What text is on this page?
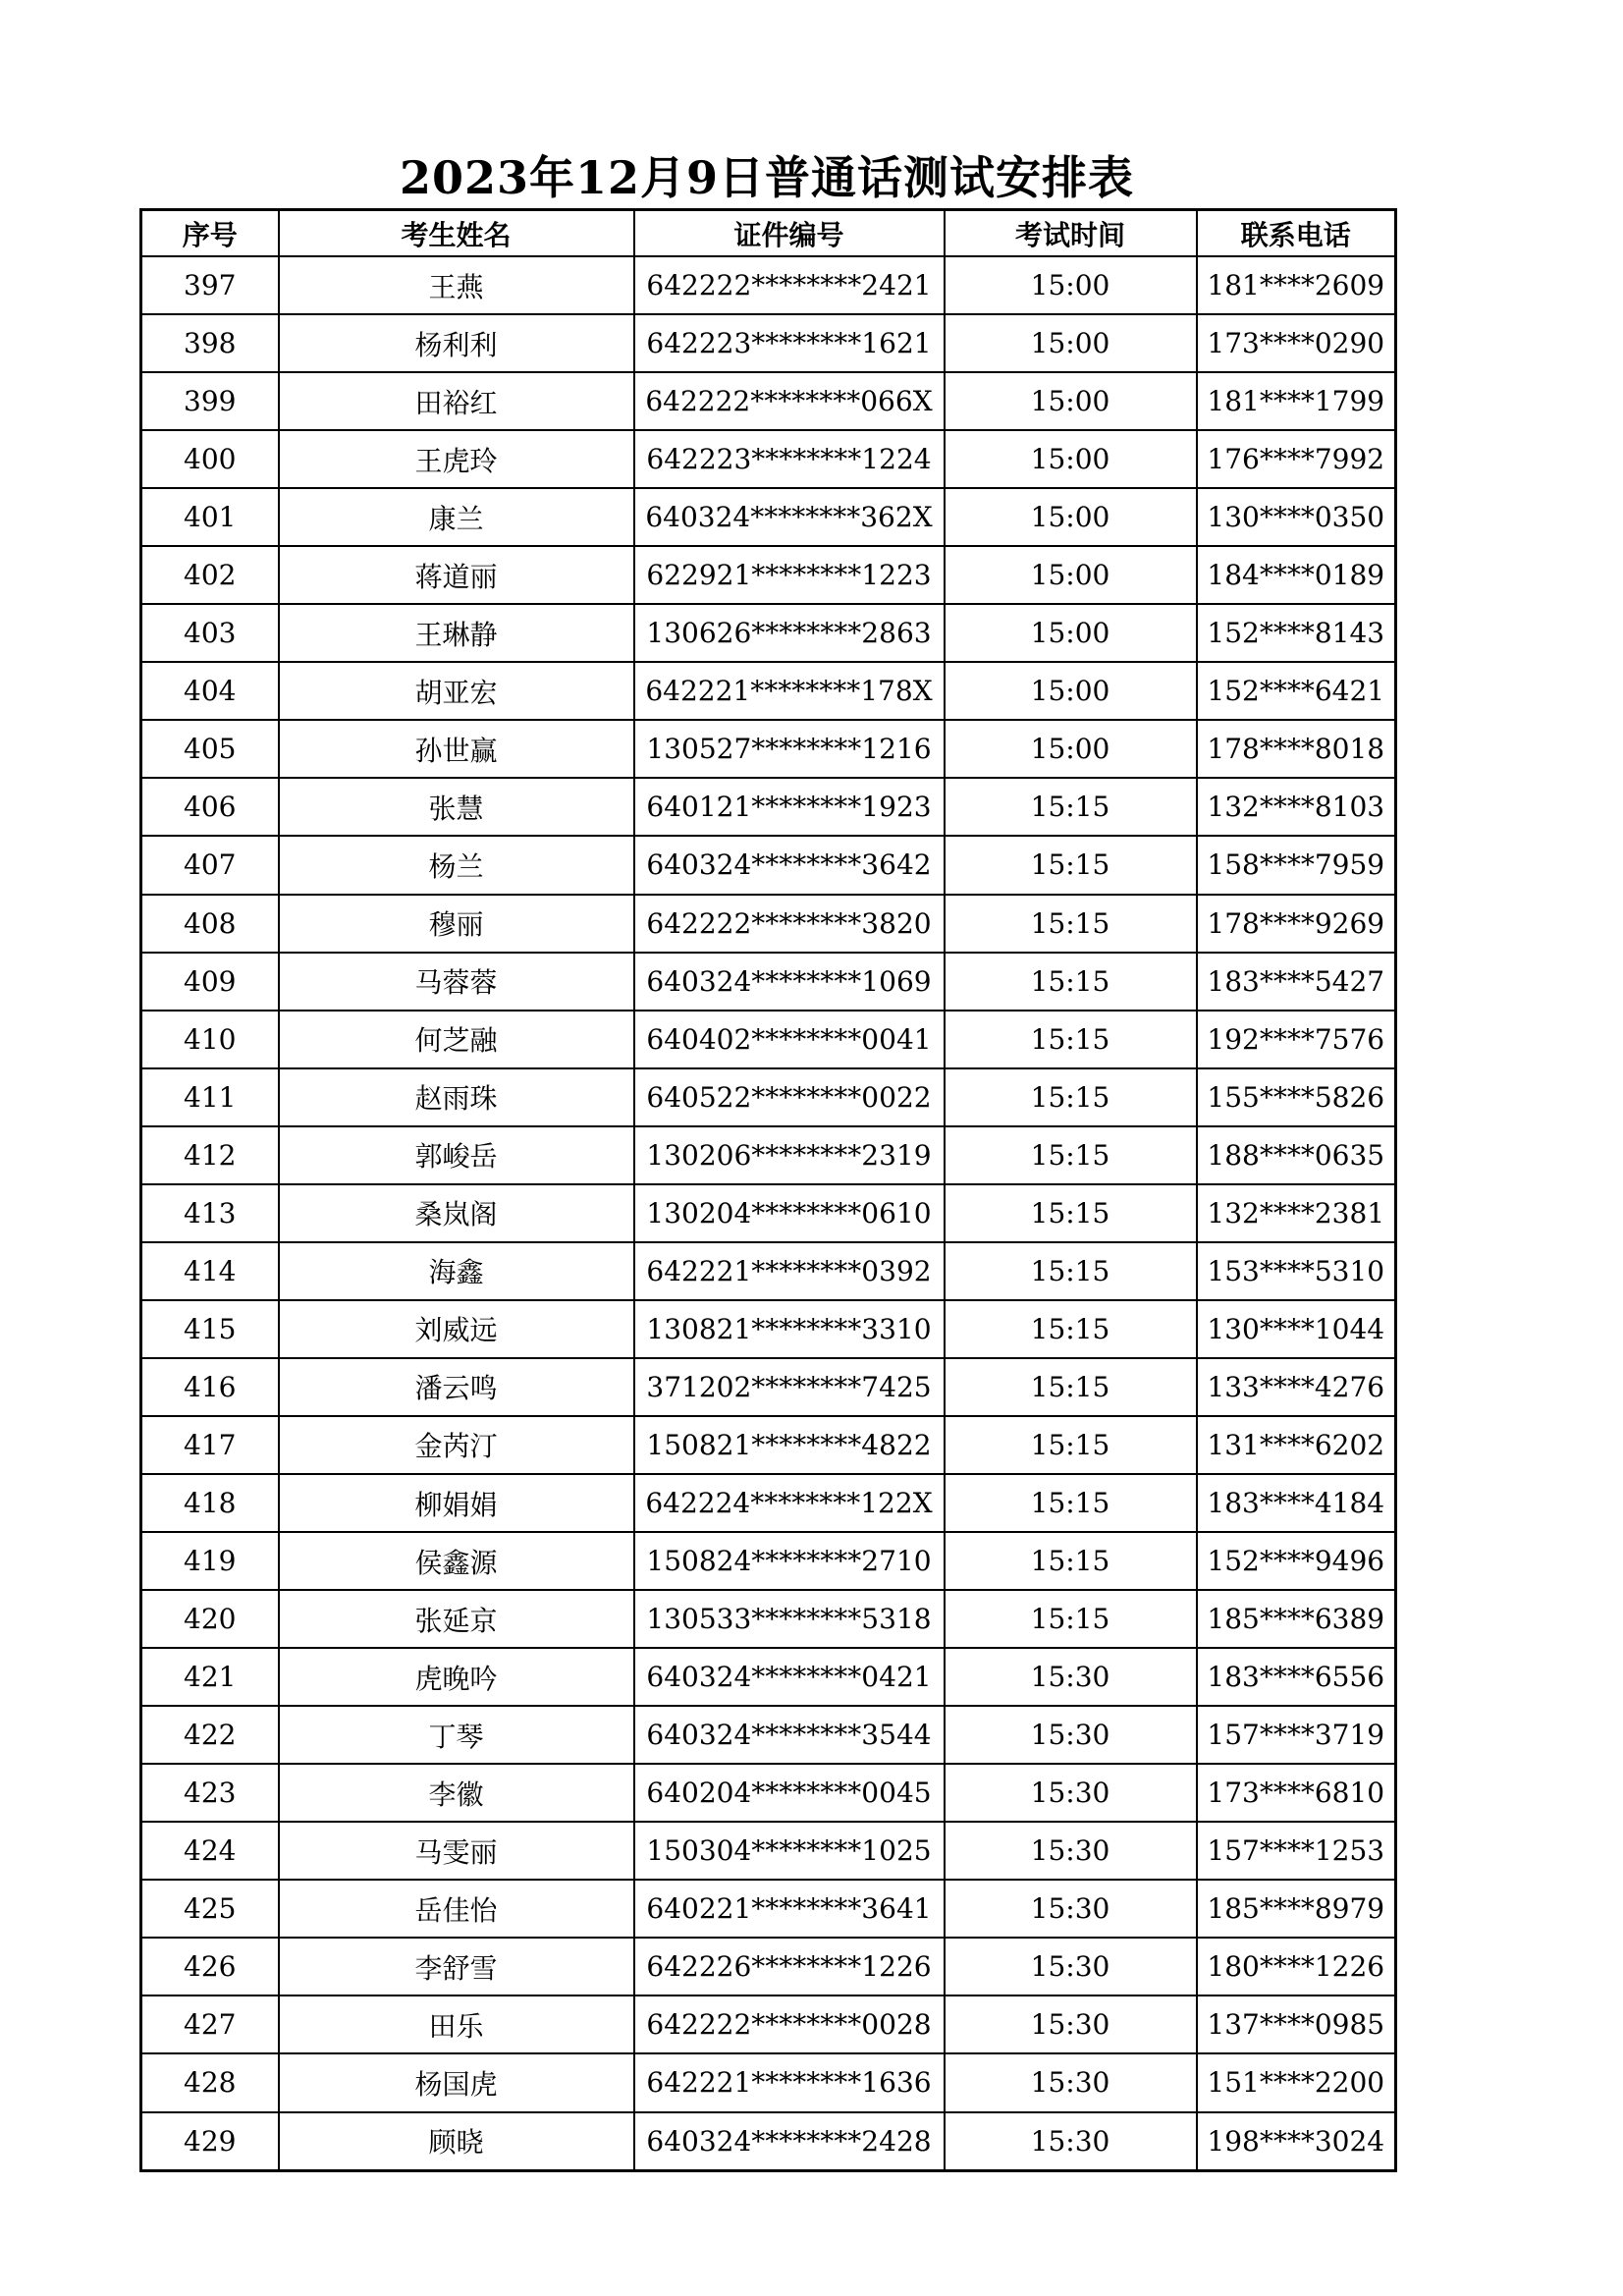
2023年12月9日普通话测试安排表
序号	考生姓名	证件编号	考试时间	联系电话
397	王燕	642222********2421	15:00	181****2609
398	杨利利	642223********1621	15:00	173****0290
399	田裕红	642222********066X	15:00	181****1799
400	王虎玲	642223********1224	15:00	176****7992
401	康兰	640324********362X	15:00	130****0350
402	蒋道丽	622921********1223	15:00	184****0189
403	王琳静	130626********2863	15:00	152****8143
404	胡亚宏	642221********178X	15:00	152****6421
405	孙世赢	130527********1216	15:00	178****8018
406	张慧	640121********1923	15:15	132****8103
407	杨兰	640324********3642	15:15	158****7959
408	穆丽	642222********3820	15:15	178****9269
409	马蓉蓉	640324********1069	15:15	183****5427
410	何芝融	640402********0041	15:15	192****7576
411	赵雨珠	640522********0022	15:15	155****5826
412	郭峻岳	130206********2319	15:15	188****0635
413	桑岚阁	130204********0610	15:15	132****2381
414	海鑫	642221********0392	15:15	153****5310
415	刘威远	130821********3310	15:15	130****1044
416	潘云鸣	371202********7425	15:15	133****4276
417	金芮汀	150821********4822	15:15	131****6202
418	柳娟娟	642224********122X	15:15	183****4184
419	侯鑫源	150824********2710	15:15	152****9496
420	张延京	130533********5318	15:15	185****6389
421	虎晚吟	640324********0421	15:30	183****6556
422	丁琴	640324********3544	15:30	157****3719
423	李徽	640204********0045	15:30	173****6810
424	马雯丽	150304********1025	15:30	157****1253
425	岳佳怡	640221********3641	15:30	185****8979
426	李舒雪	642226********1226	15:30	180****1226
427	田乐	642222********0028	15:30	137****0985
428	杨国虎	642221********1636	15:30	151****2200
429	顾晓	640324********2428	15:30	198****3024
